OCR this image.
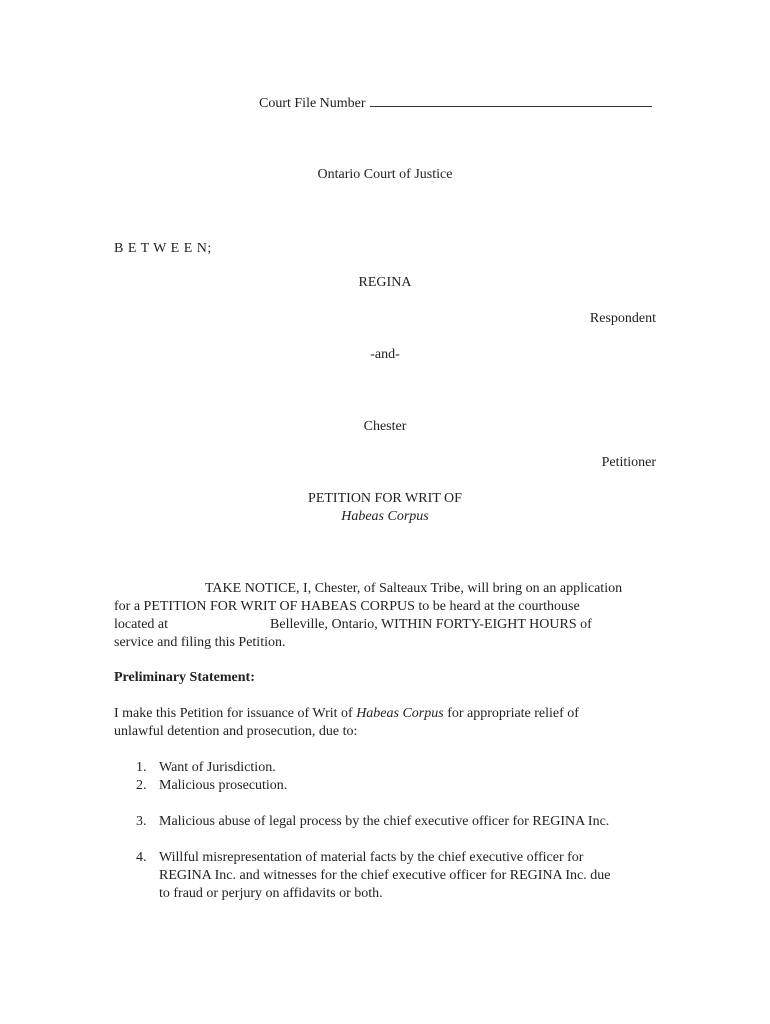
Court File Number
Ontario Court of Justice
B E T W E E N;
REGINA
Respondent
-and-
Chester
Petitioner
PETITION FOR WRIT OF
Habeas Corpus
TAKE NOTICE, I, Chester, of Salteaux Tribe, will bring on an application
for a PETITION FOR WRIT OF HABEAS CORPUS to be heard at the courthouse
located at	Belleville, Ontario, WITHIN FORTY-EIGHT HOURS of
service and filing this Petition.
Preliminary Statement:
I make this Petition for issuance of Writ of Habeas Corpus for appropriate relief of
unlawful detention and prosecution, due to:
1. Want of Jurisdiction.
2. Malicious prosecution.
3. Malicious abuse of legal process by the chief executive officer for REGINA Inc.
4. Willful misrepresentation of material facts by the chief executive officer for
REGINA Inc. and witnesses for the chief executive officer for REGINA Inc. due
to fraud or perjury on affidavits or both.
